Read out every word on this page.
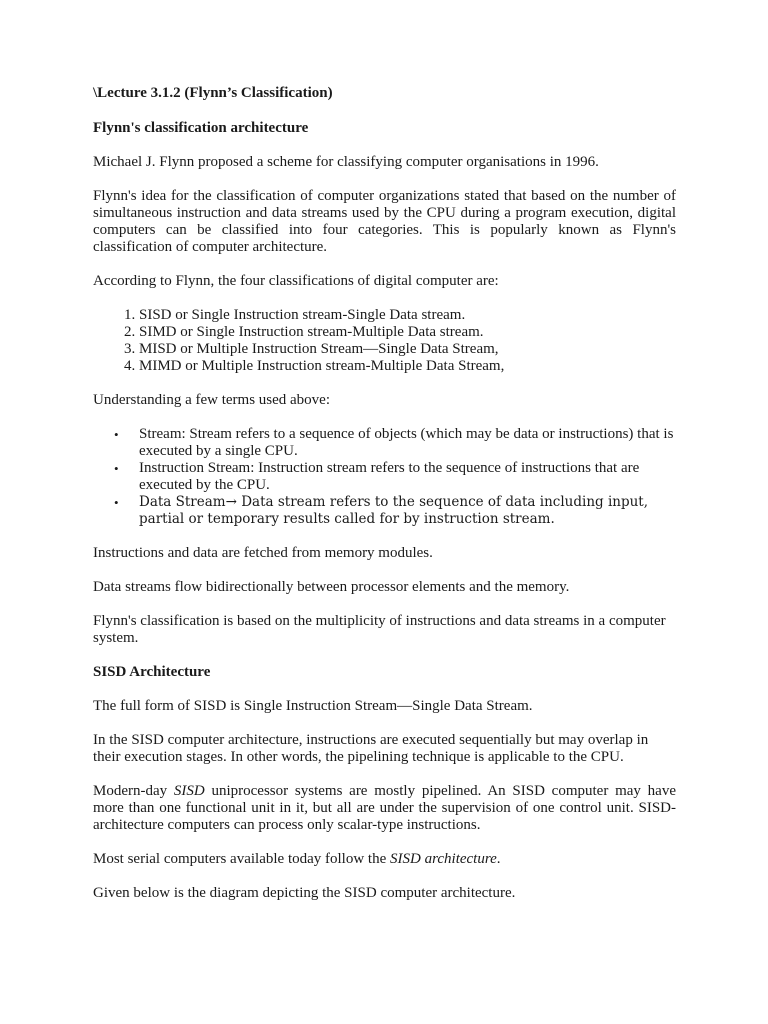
\Lecture 3.1.2 (Flynn’s Classification)
Flynn's classification architecture

Michael J. Flynn proposed a scheme for classifying computer organisations in 1996.

Flynn's idea for the classification of computer organizations stated that based on the number of simultaneous instruction and data streams used by the CPU during a program execution, digital computers can be classified into four categories. This is popularly known as Flynn's classification of computer architecture.

According to Flynn, the four classifications of digital computer are:

1. SISD or Single Instruction stream-Single Data stream.
2. SIMD or Single Instruction stream-Multiple Data stream.
3. MISD or Multiple Instruction Stream—Single Data Stream,
4. MIMD or Multiple Instruction stream-Multiple Data Stream,

Understanding a few terms used above:

• Stream: Stream refers to a sequence of objects (which may be data or instructions) that is executed by a single CPU.
• Instruction Stream: Instruction stream refers to the sequence of instructions that are executed by the CPU.
• Data Stream→ Data stream refers to the sequence of data including input, partial or temporary results called for by instruction stream.

Instructions and data are fetched from memory modules.

Data streams flow bidirectionally between processor elements and the memory.

Flynn's classification is based on the multiplicity of instructions and data streams in a computer system.

SISD Architecture

The full form of SISD is Single Instruction Stream—Single Data Stream.

In the SISD computer architecture, instructions are executed sequentially but may overlap in their execution stages. In other words, the pipelining technique is applicable to the CPU.

Modern-day SISD uniprocessor systems are mostly pipelined. An SISD computer may have more than one functional unit in it, but all are under the supervision of one control unit. SISD-architecture computers can process only scalar-type instructions.

Most serial computers available today follow the SISD architecture.

Given below is the diagram depicting the SISD computer architecture.
